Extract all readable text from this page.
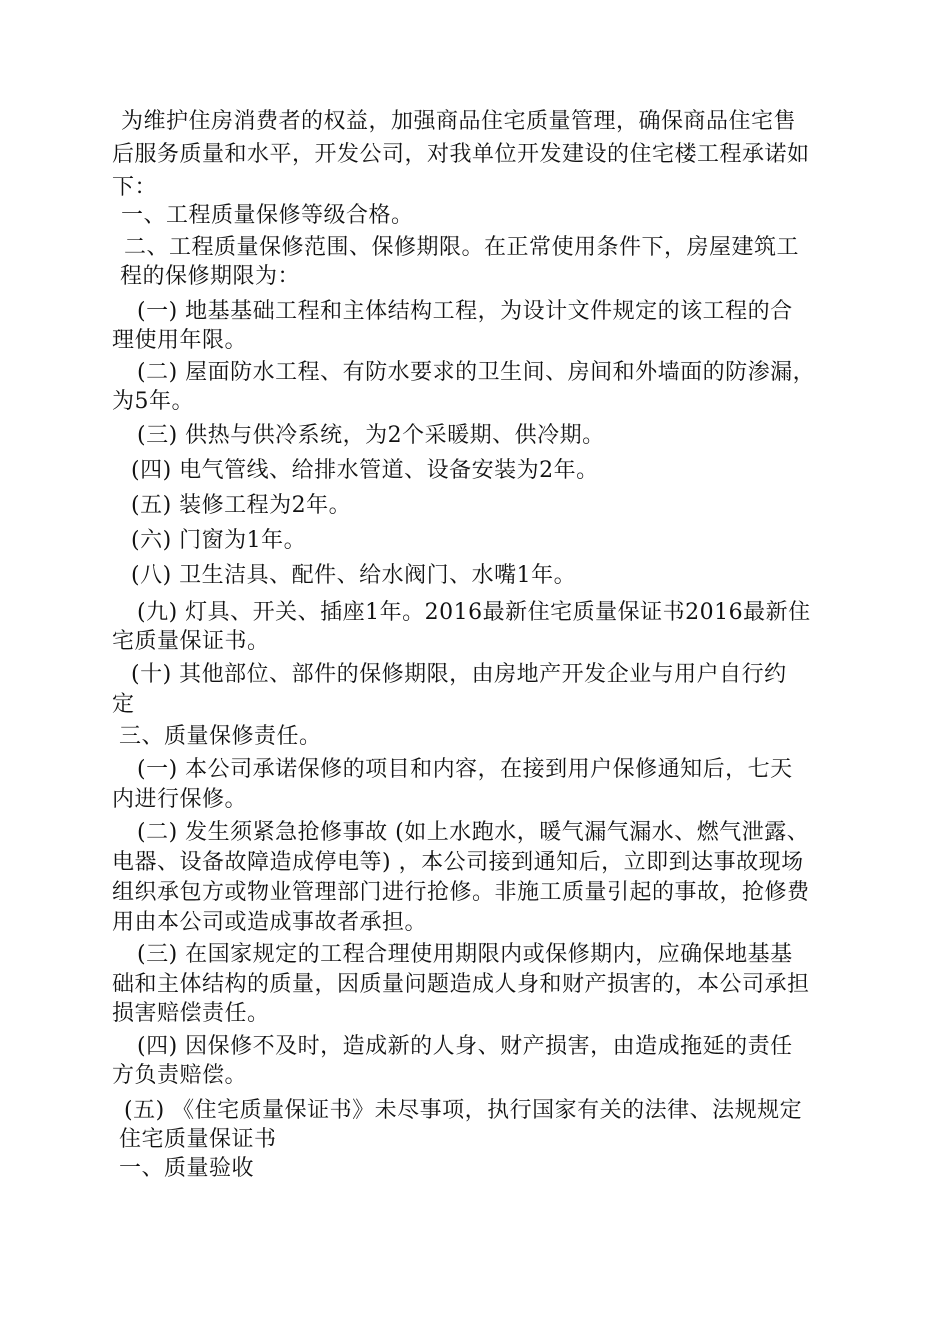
为维护住房消费者的权益，加强商品住宅质量管理，确保商品住宅售
后服务质量和水平，开发公司，对我单位开发建设的住宅楼工程承诺如
下：
一、工程质量保修等级合格。
二、工程质量保修范围、保修期限。在正常使用条件下，房屋建筑工
程的保修期限为：
(一) 地基基础工程和主体结构工程，为设计文件规定的该工程的合
理使用年限。
(二) 屋面防水工程、有防水要求的卫生间、房间和外墙面的防渗漏，
为5年。
(三) 供热与供冷系统，为2个采暖期、供冷期。
(四) 电气管线、给排水管道、设备安装为2年。
(五) 装修工程为2年。
(六) 门窗为1年。
(八) 卫生洁具、配件、给水阀门、水嘴1年。
(九) 灯具、开关、插座1年。2016最新住宅质量保证书2016最新住
宅质量保证书。
(十) 其他部位、部件的保修期限，由房地产开发企业与用户自行约
定
三、质量保修责任。
(一) 本公司承诺保修的项目和内容，在接到用户保修通知后，七天
内进行保修。
(二) 发生须紧急抢修事故 (如上水跑水，暖气漏气漏水、燃气泄露、
电器、设备故障造成停电等) ，本公司接到通知后，立即到达事故现场
组织承包方或物业管理部门进行抢修。非施工质量引起的事故，抢修费
用由本公司或造成事故者承担。
(三) 在国家规定的工程合理使用期限内或保修期内，应确保地基基
础和主体结构的质量，因质量问题造成人身和财产损害的，本公司承担
损害赔偿责任。
(四) 因保修不及时，造成新的人身、财产损害，由造成拖延的责任
方负责赔偿。
(五) 《住宅质量保证书》未尽事项，执行国家有关的法律、法规规定
住宅质量保证书
一、质量验收
